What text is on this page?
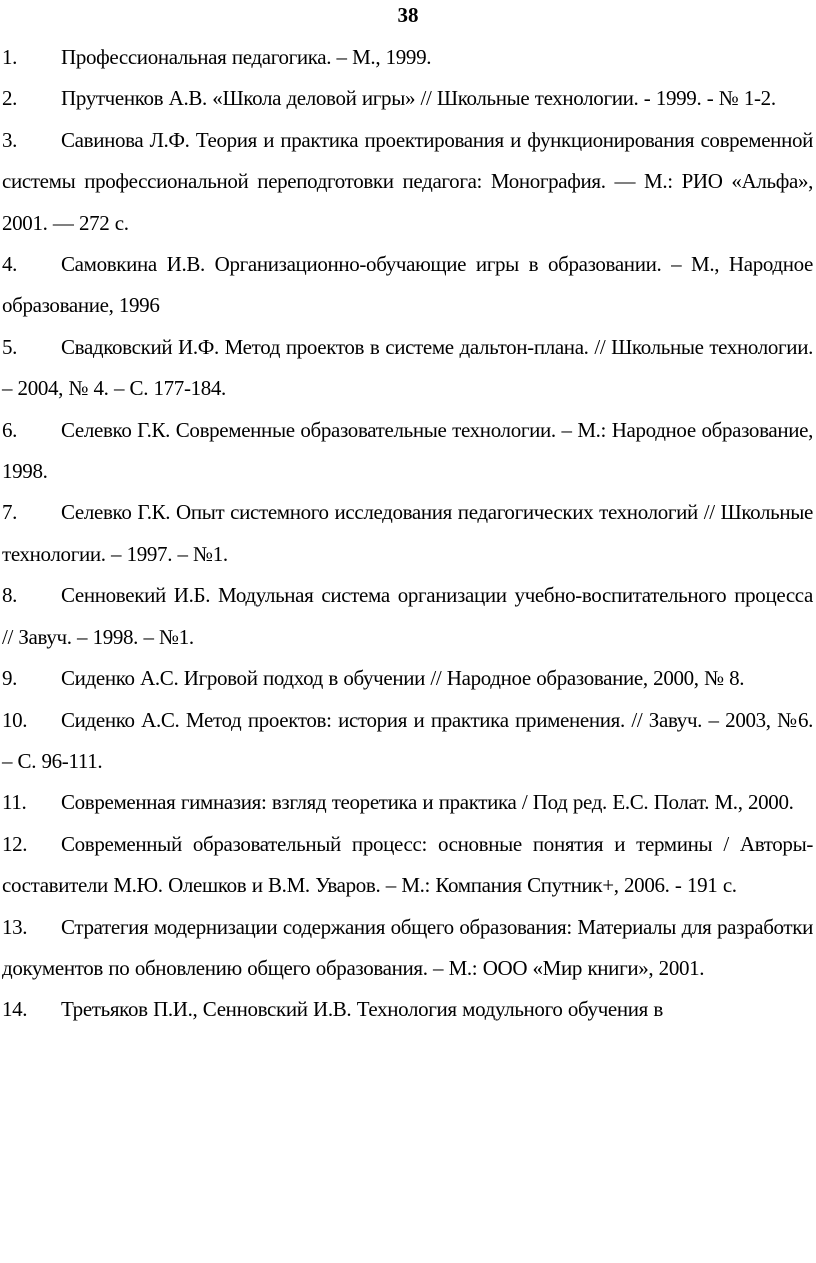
38
1. Профессиональная педагогика. – М., 1999.
2. Прутченков А.В. «Школа деловой игры» // Школьные технологии. - 1999. - № 1-2.
3. Савинова Л.Ф. Теория и практика проектирования и функционирования современной системы профессиональной переподготовки педагога: Монография. — М.: РИО «Альфа», 2001. — 272 с.
4. Самовкина И.В. Организационно-обучающие игры в образовании. – М., Народное образование, 1996
5. Свадковский И.Ф. Метод проектов в системе дальтон-плана. // Школьные технологии. – 2004, № 4. – С. 177-184.
6. Селевко Г.К. Современные образовательные технологии. – М.: Народное образование, 1998.
7. Селевко Г.К. Опыт системного исследования педагогических технологий // Школьные технологии. – 1997. – №1.
8. Сенновекий И.Б. Модульная система организации учебно-воспитательного процесса // Завуч. – 1998. – №1.
9. Сиденко А.С. Игровой подход в обучении // Народное образование, 2000, № 8.
10. Сиденко А.С. Метод проектов: история и практика применения. // Завуч. – 2003, №6. – С. 96-111.
11. Современная гимназия: взгляд теоретика и практика / Под ред. Е.С. Полат. М., 2000.
12. Современный образовательный процесс: основные понятия и термины / Авторы-составители М.Ю. Олешков и В.М. Уваров. – М.: Компания Спутник+, 2006. - 191 с.
13. Стратегия модернизации содержания общего образования: Материалы для разработки документов по обновлению общего образования. – М.: ООО «Мир книги», 2001.
14. Третьяков П.И., Сенновский И.В. Технология модульного обучения в
